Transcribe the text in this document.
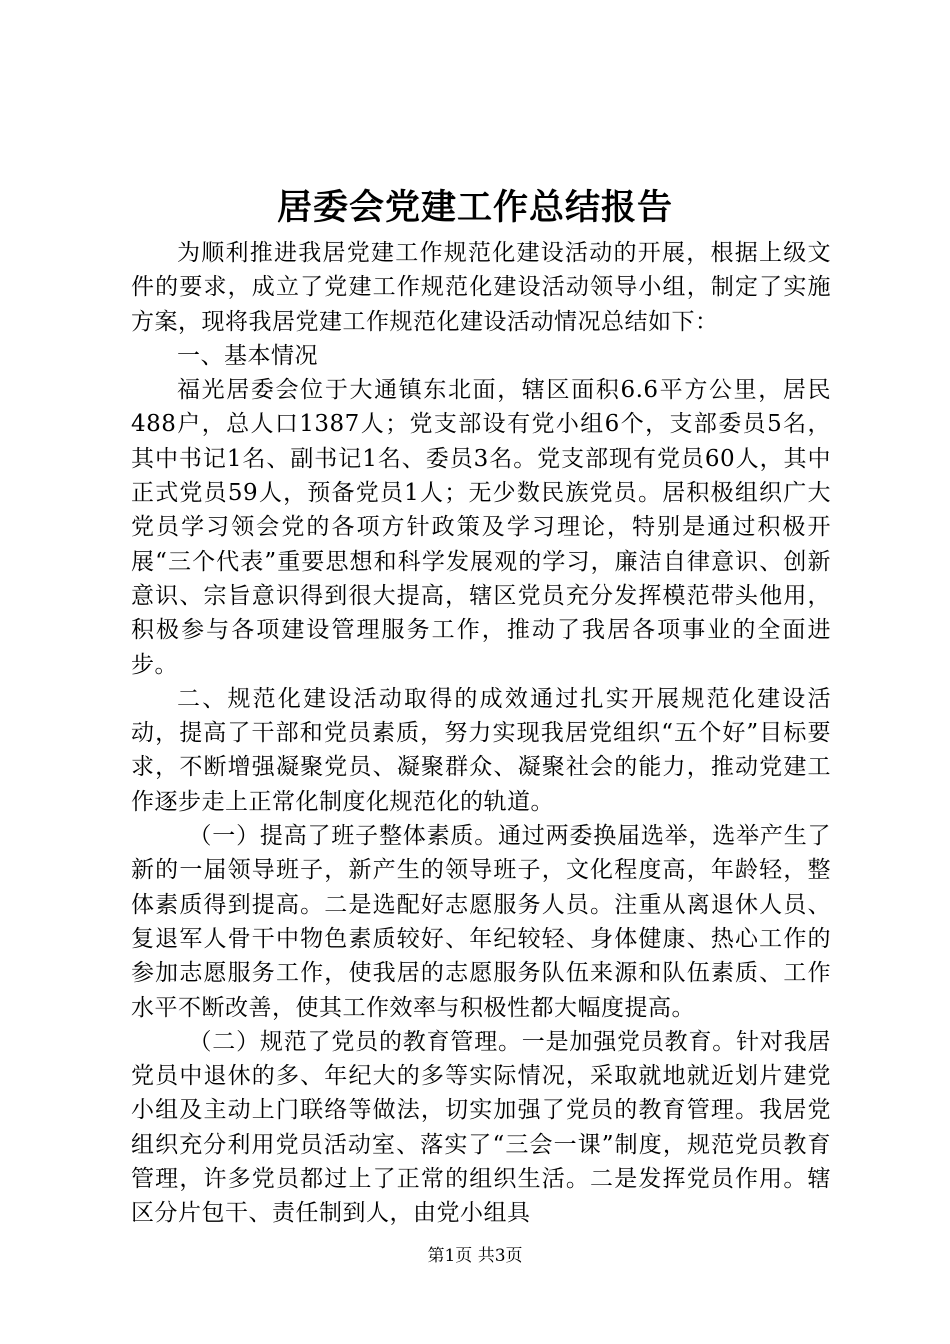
居委会党建工作总结报告

为顺利推进我居党建工作规范化建设活动的开展，根据上级文件的要求，成立了党建工作规范化建设活动领导小组，制定了实施方案，现将我居党建工作规范化建设活动情况总结如下：

一、基本情况

福光居委会位于大通镇东北面，辖区面积6.6平方公里，居民488户，总人口1387人；党支部设有党小组6个，支部委员5名，其中书记1名、副书记1名、委员3名。党支部现有党员60人，其中正式党员59人，预备党员1人；无少数民族党员。居积极组织广大党员学习领会党的各项方针政策及学习理论，特别是通过积极开展“三个代表”重要思想和科学发展观的学习，廉洁自律意识、创新意识、宗旨意识得到很大提高，辖区党员充分发挥模范带头他用，积极参与各项建设管理服务工作，推动了我居各项事业的全面进步。

二、规范化建设活动取得的成效通过扎实开展规范化建设活动，提高了干部和党员素质，努力实现我居党组织“五个好”目标要求，不断增强凝聚党员、凝聚群众、凝聚社会的能力，推动党建工作逐步走上正常化制度化规范化的轨道。

（一）提高了班子整体素质。通过两委换届选举，选举产生了新的一届领导班子，新产生的领导班子，文化程度高，年龄轻，整体素质得到提高。二是选配好志愿服务人员。注重从离退休人员、复退军人骨干中物色素质较好、年纪较轻、身体健康、热心工作的参加志愿服务工作，使我居的志愿服务队伍来源和队伍素质、工作水平不断改善，使其工作效率与积极性都大幅度提高。

（二）规范了党员的教育管理。一是加强党员教育。针对我居党员中退休的多、年纪大的多等实际情况，采取就地就近划片建党小组及主动上门联络等做法，切实加强了党员的教育管理。我居党组织充分利用党员活动室、落实了“三会一课”制度，规范党员教育管理，许多党员都过上了正常的组织生活。二是发挥党员作用。辖区分片包干、责任制到人，由党小组具

第1页 共3页
